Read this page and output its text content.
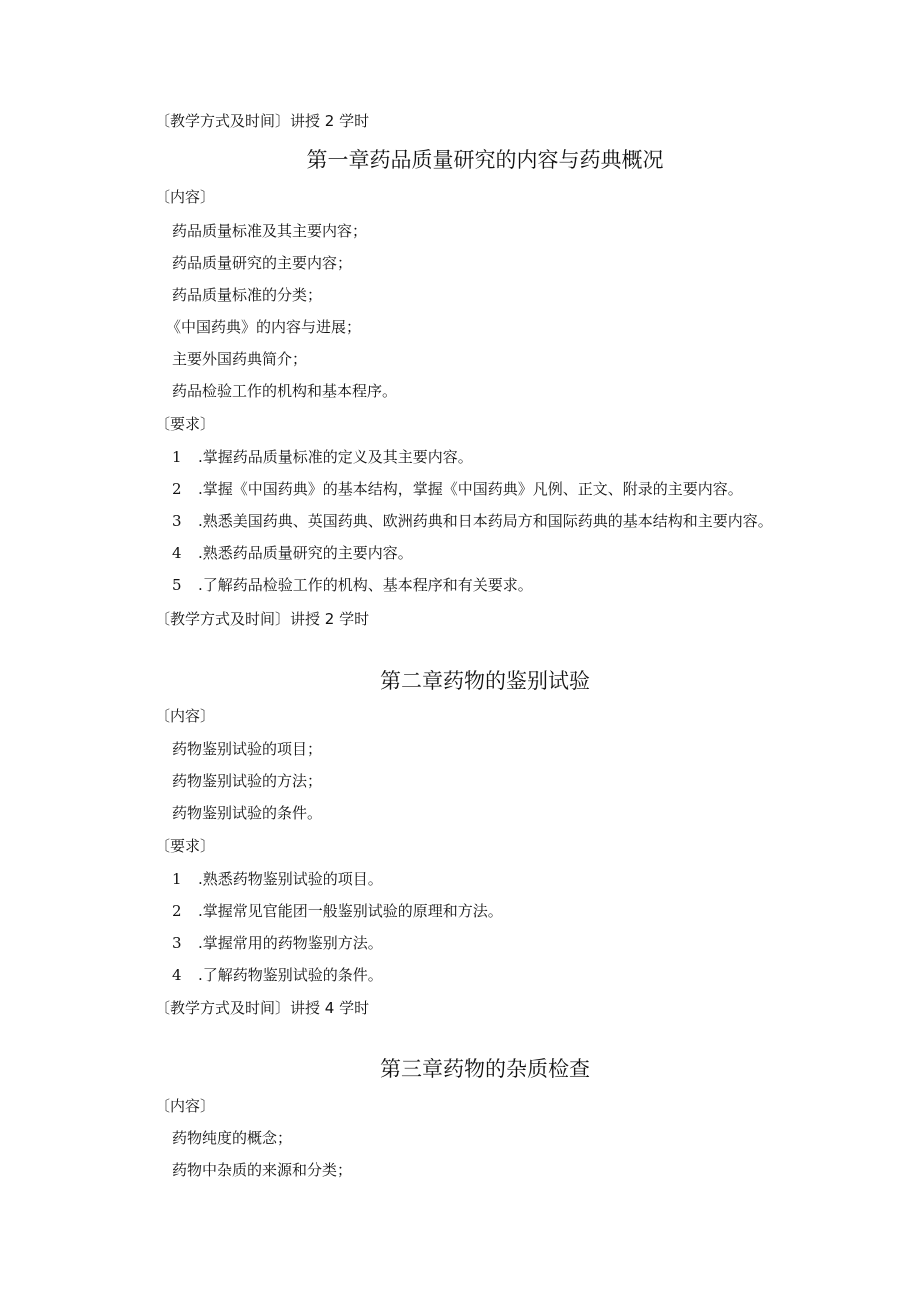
〔教学方式及时间〕讲授 2 学时
第一章药品质量研究的内容与药典概况
〔内容〕
药品质量标准及其主要内容；
药品质量研究的主要内容；
药品质量标准的分类；
《中国药典》的内容与进展；
主要外国药典简介；
药品检验工作的机构和基本程序。
〔要求〕
1 .掌握药品质量标准的定义及其主要内容。
2 .掌握《中国药典》的基本结构，掌握《中国药典》凡例、正文、附录的主要内容。
3 .熟悉美国药典、英国药典、欧洲药典和日本药局方和国际药典的基本结构和主要内容。
4 .熟悉药品质量研究的主要内容。
5 .了解药品检验工作的机构、基本程序和有关要求。
〔教学方式及时间〕讲授 2 学时
第二章药物的鉴别试验
〔内容〕
药物鉴别试验的项目；
药物鉴别试验的方法；
药物鉴别试验的条件。
〔要求〕
1 .熟悉药物鉴别试验的项目。
2 .掌握常见官能团一般鉴别试验的原理和方法。
3 .掌握常用的药物鉴别方法。
4 .了解药物鉴别试验的条件。
〔教学方式及时间〕讲授 4 学时
第三章药物的杂质检查
〔内容〕
药物纯度的概念；
药物中杂质的来源和分类；
